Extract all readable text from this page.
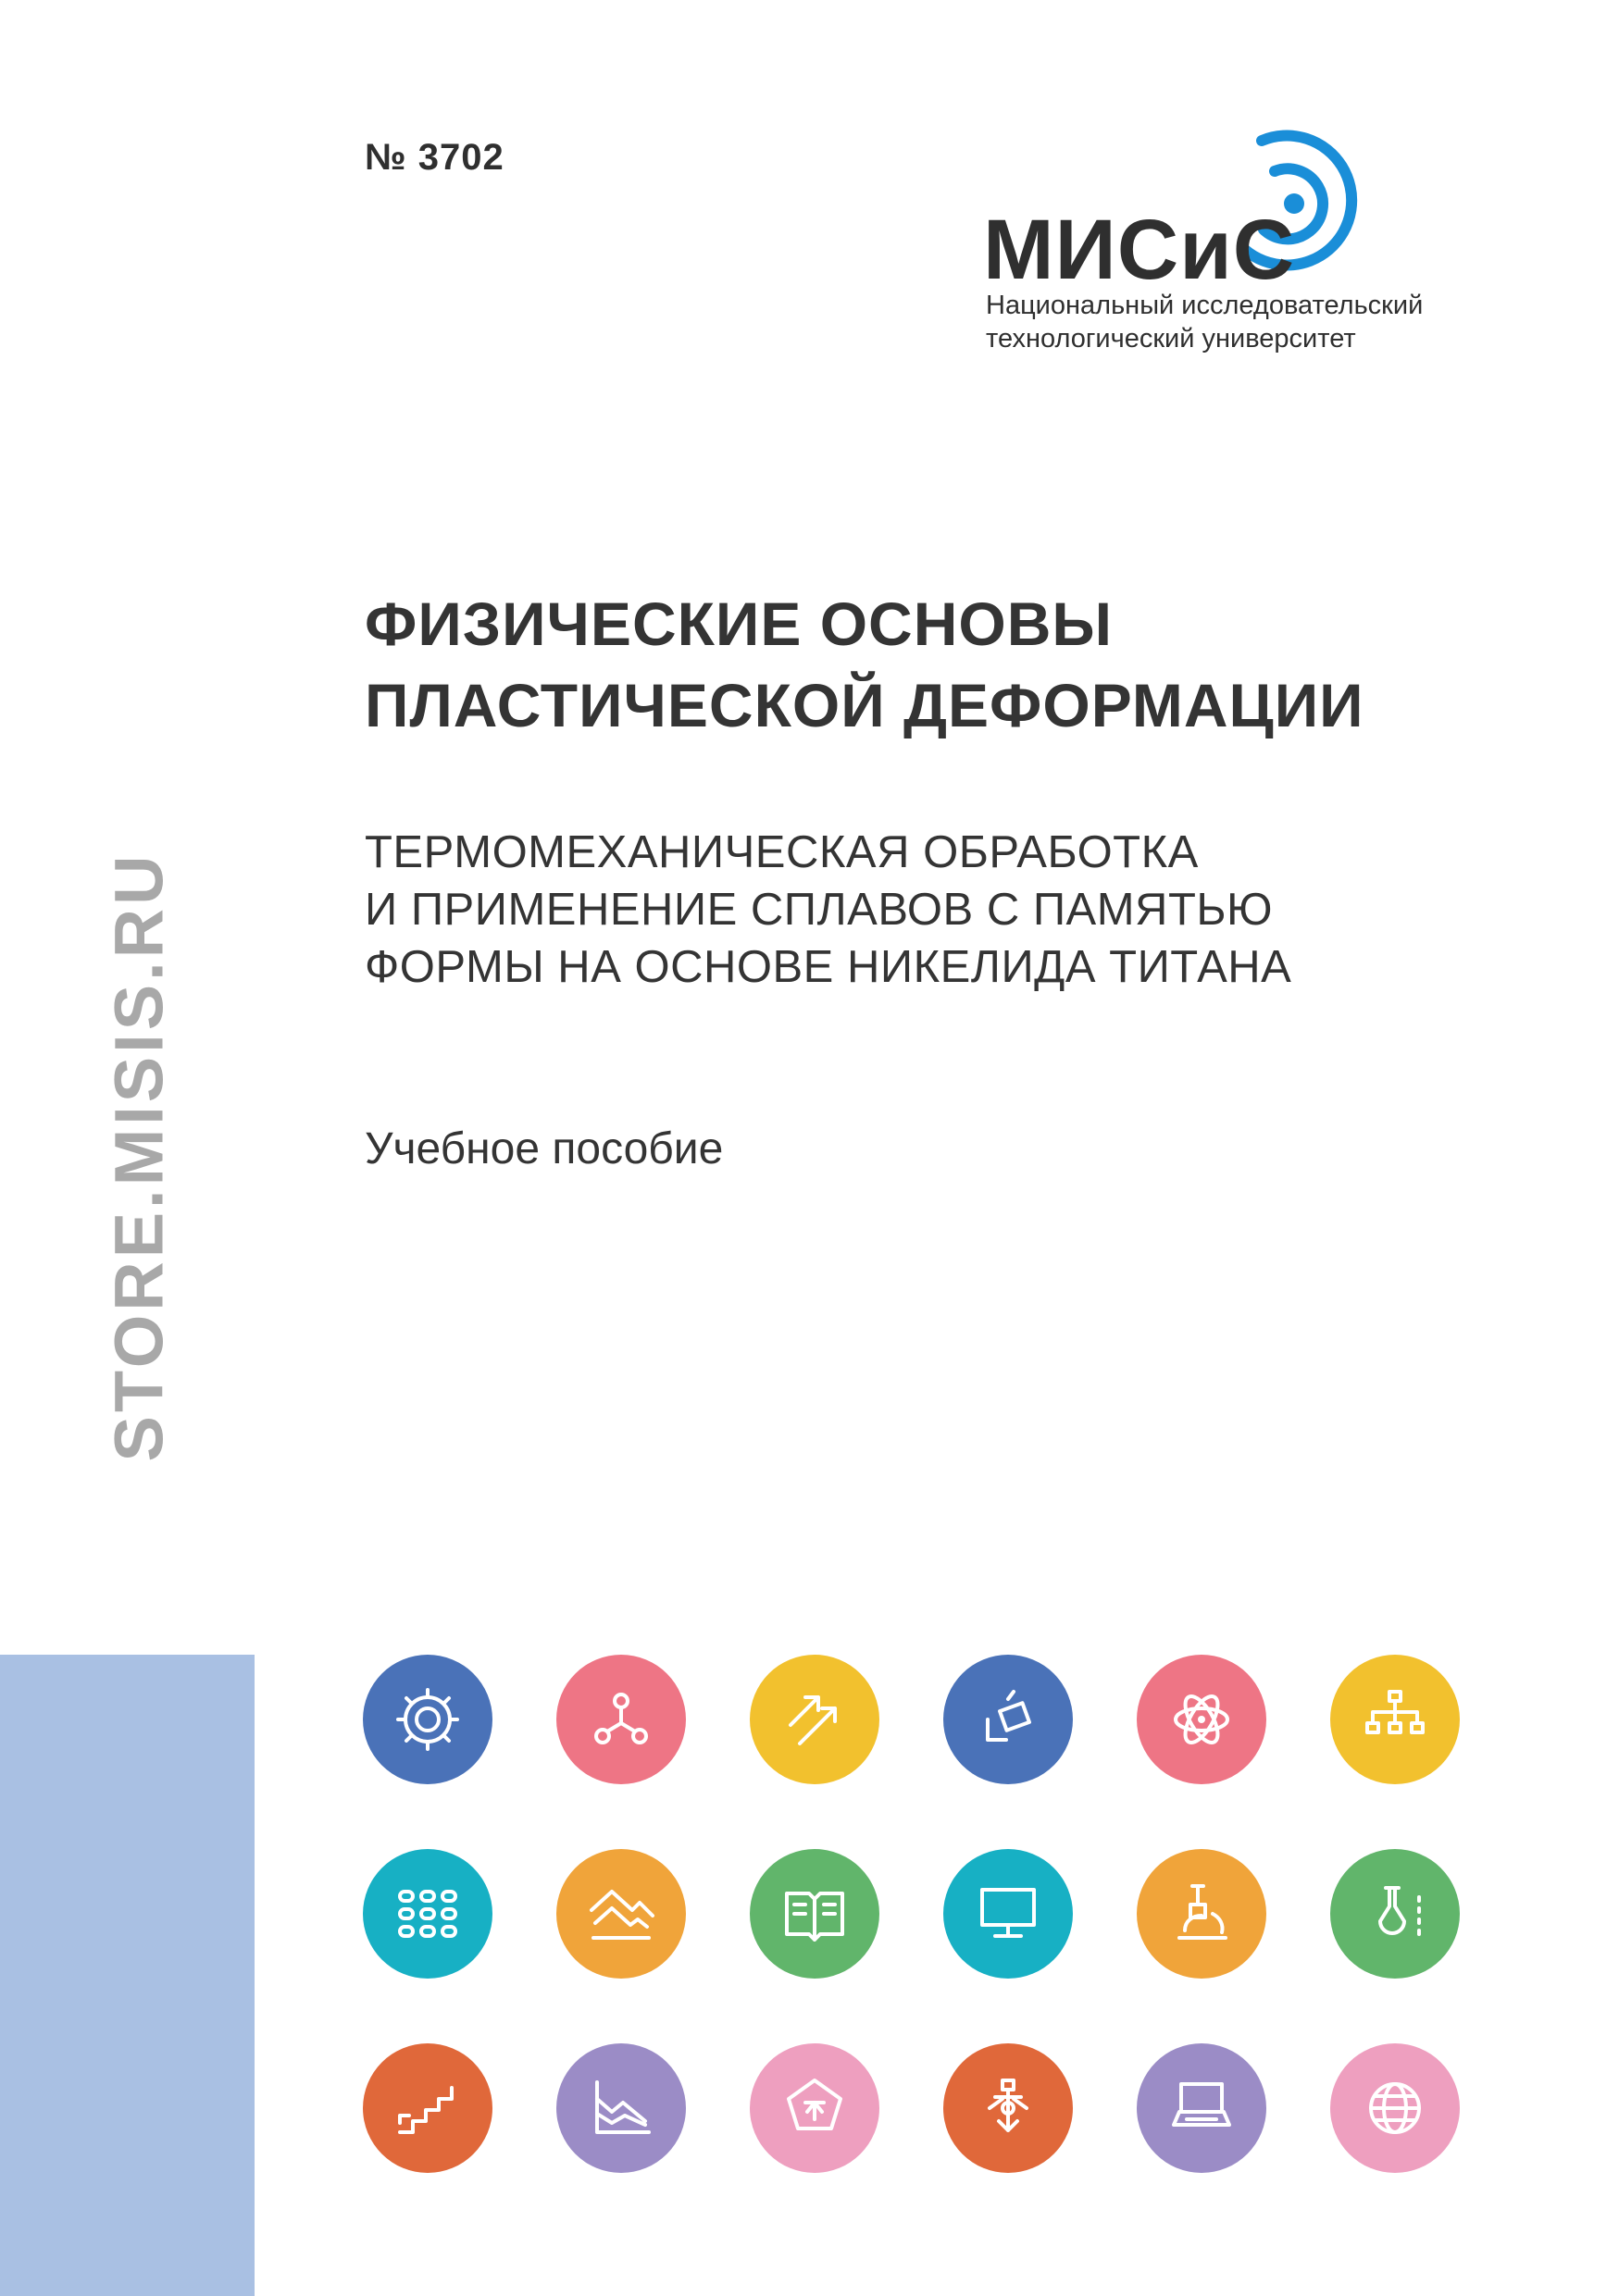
№ 3702
МИСиС
Национальный исследовательский
технологический университет
ФИЗИЧЕСКИЕ ОСНОВЫ
ПЛАСТИЧЕСКОЙ ДЕФОРМАЦИИ
ТЕРМОМЕХАНИЧЕСКАЯ ОБРАБОТКА
И ПРИМЕНЕНИЕ СПЛАВОВ С ПАМЯТЬЮ
ФОРМЫ НА ОСНОВЕ НИКЕЛИДА ТИТАНА
Учебное пособие
STORE.MISIS.RU
